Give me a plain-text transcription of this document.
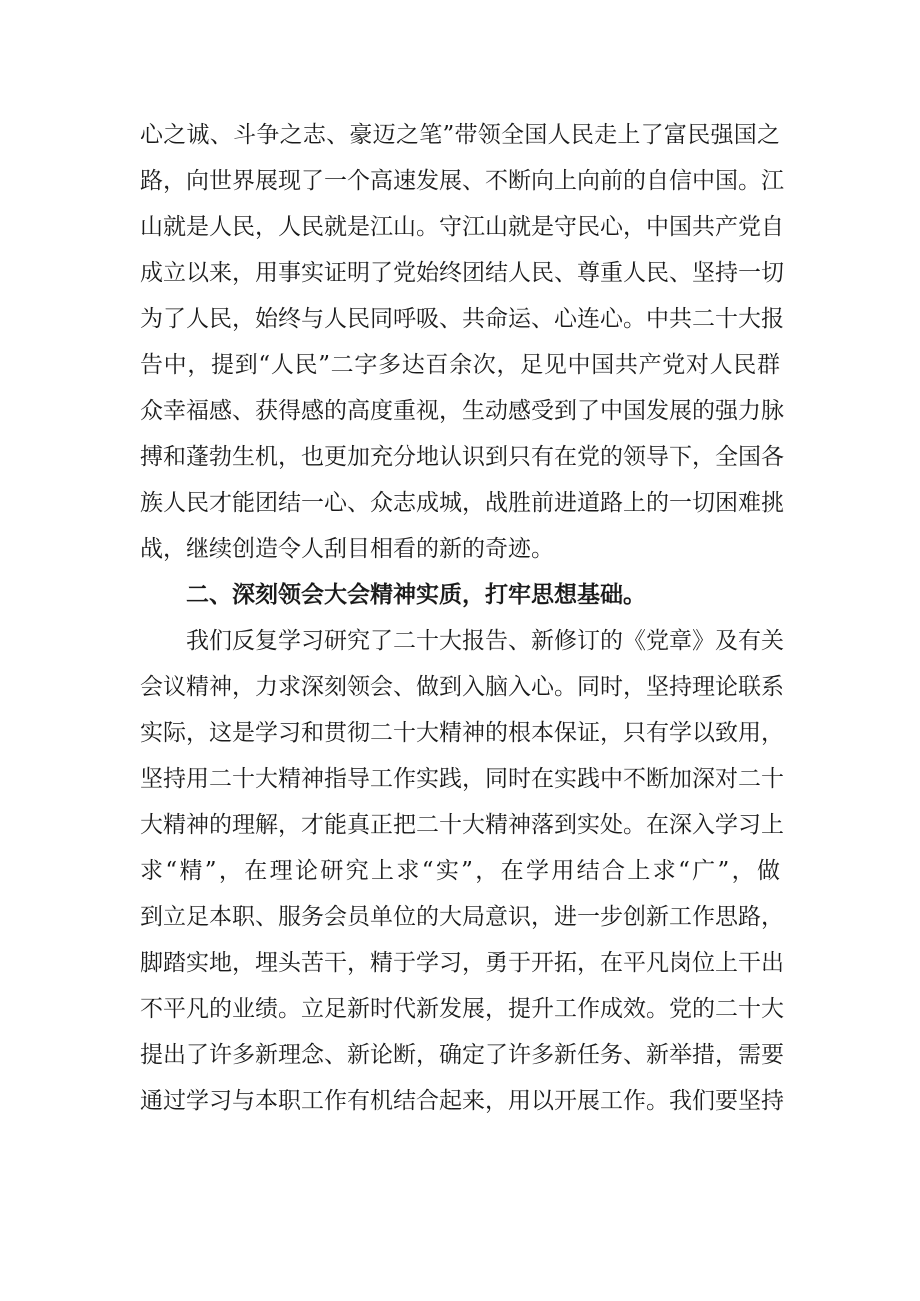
心之诚、斗争之志、豪迈之笔”带领全国人民走上了富民强国之
路，向世界展现了一个高速发展、不断向上向前的自信中国。江
山就是人民，人民就是江山。守江山就是守民心，中国共产党自
成立以来，用事实证明了党始终团结人民、尊重人民、坚持一切
为了人民，始终与人民同呼吸、共命运、心连心。中共二十大报
告中，提到“人民”二字多达百余次，足见中国共产党对人民群
众幸福感、获得感的高度重视，生动感受到了中国发展的强力脉
搏和蓬勃生机，也更加充分地认识到只有在党的领导下，全国各
族人民才能团结一心、众志成城，战胜前进道路上的一切困难挑
战，继续创造令人刮目相看的新的奇迹。
二、深刻领会大会精神实质，打牢思想基础。
我们反复学习研究了二十大报告、新修订的《党章》及有关
会议精神，力求深刻领会、做到入脑入心。同时，坚持理论联系
实际，这是学习和贯彻二十大精神的根本保证，只有学以致用，
坚持用二十大精神指导工作实践，同时在实践中不断加深对二十
大精神的理解，才能真正把二十大精神落到实处。在深入学习上
求“精”，在理论研究上求“实”，在学用结合上求“广”，做
到立足本职、服务会员单位的大局意识，进一步创新工作思路，
脚踏实地，埋头苦干，精于学习，勇于开拓，在平凡岗位上干出
不平凡的业绩。立足新时代新发展，提升工作成效。党的二十大
提出了许多新理念、新论断，确定了许多新任务、新举措，需要
通过学习与本职工作有机结合起来，用以开展工作。我们要坚持
